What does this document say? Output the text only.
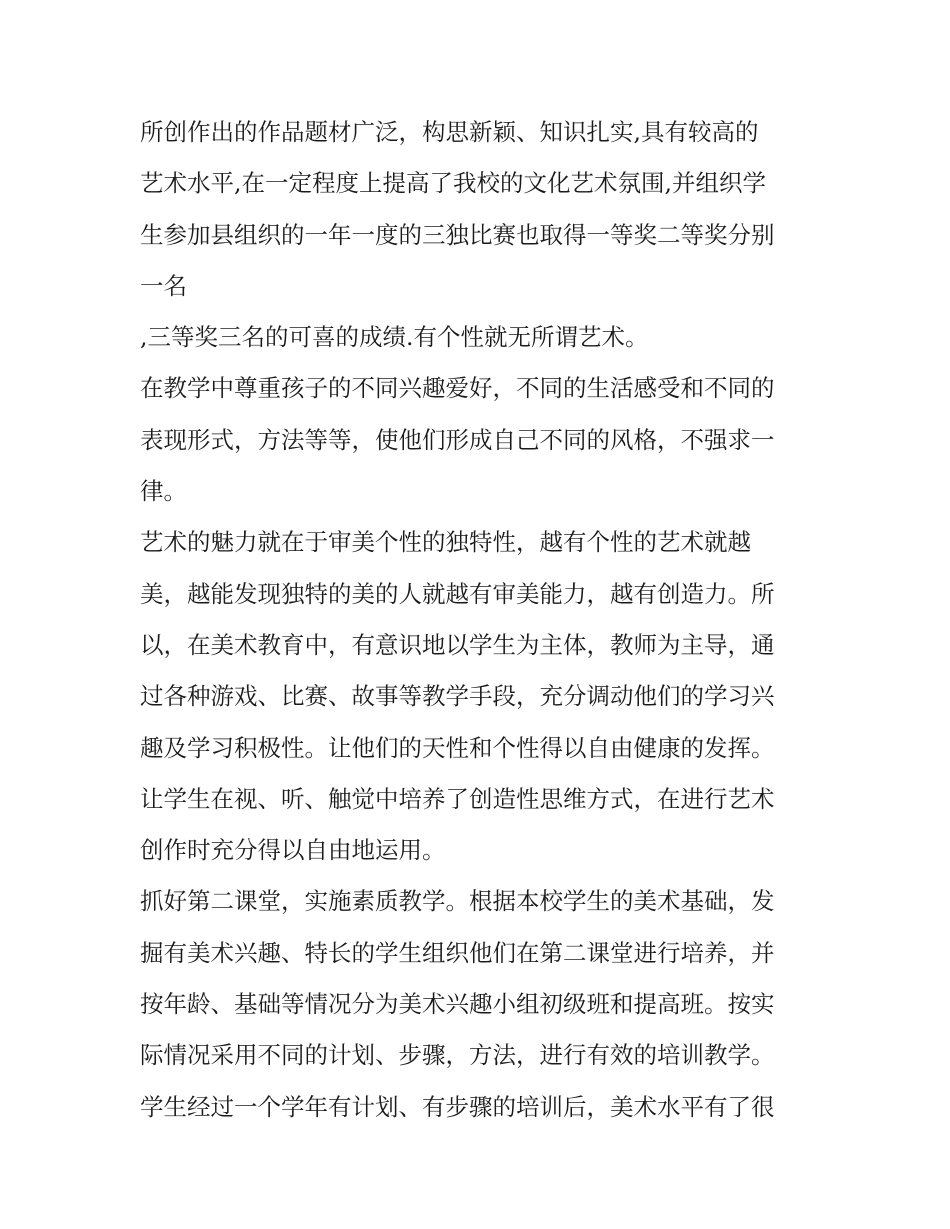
所创作出的作品题材广泛，构思新颖、知识扎实,具有较高的
艺术水平,在一定程度上提高了我校的文化艺术氛围,并组织学
生参加县组织的一年一度的三独比赛也取得一等奖二等奖分别
一名
,三等奖三名的可喜的成绩.有个性就无所谓艺术。
在教学中尊重孩子的不同兴趣爱好，不同的生活感受和不同的
表现形式，方法等等，使他们形成自己不同的风格，不强求一
律。
艺术的魅力就在于审美个性的独特性，越有个性的艺术就越
美，越能发现独特的美的人就越有审美能力，越有创造力。所
以，在美术教育中，有意识地以学生为主体，教师为主导，通
过各种游戏、比赛、故事等教学手段，充分调动他们的学习兴
趣及学习积极性。让他们的天性和个性得以自由健康的发挥。
让学生在视、听、触觉中培养了创造性思维方式，在进行艺术
创作时充分得以自由地运用。
抓好第二课堂，实施素质教学。根据本校学生的美术基础，发
掘有美术兴趣、特长的学生组织他们在第二课堂进行培养，并
按年龄、基础等情况分为美术兴趣小组初级班和提高班。按实
际情况采用不同的计划、步骤，方法，进行有效的培训教学。
学生经过一个学年有计划、有步骤的培训后，美术水平有了很
